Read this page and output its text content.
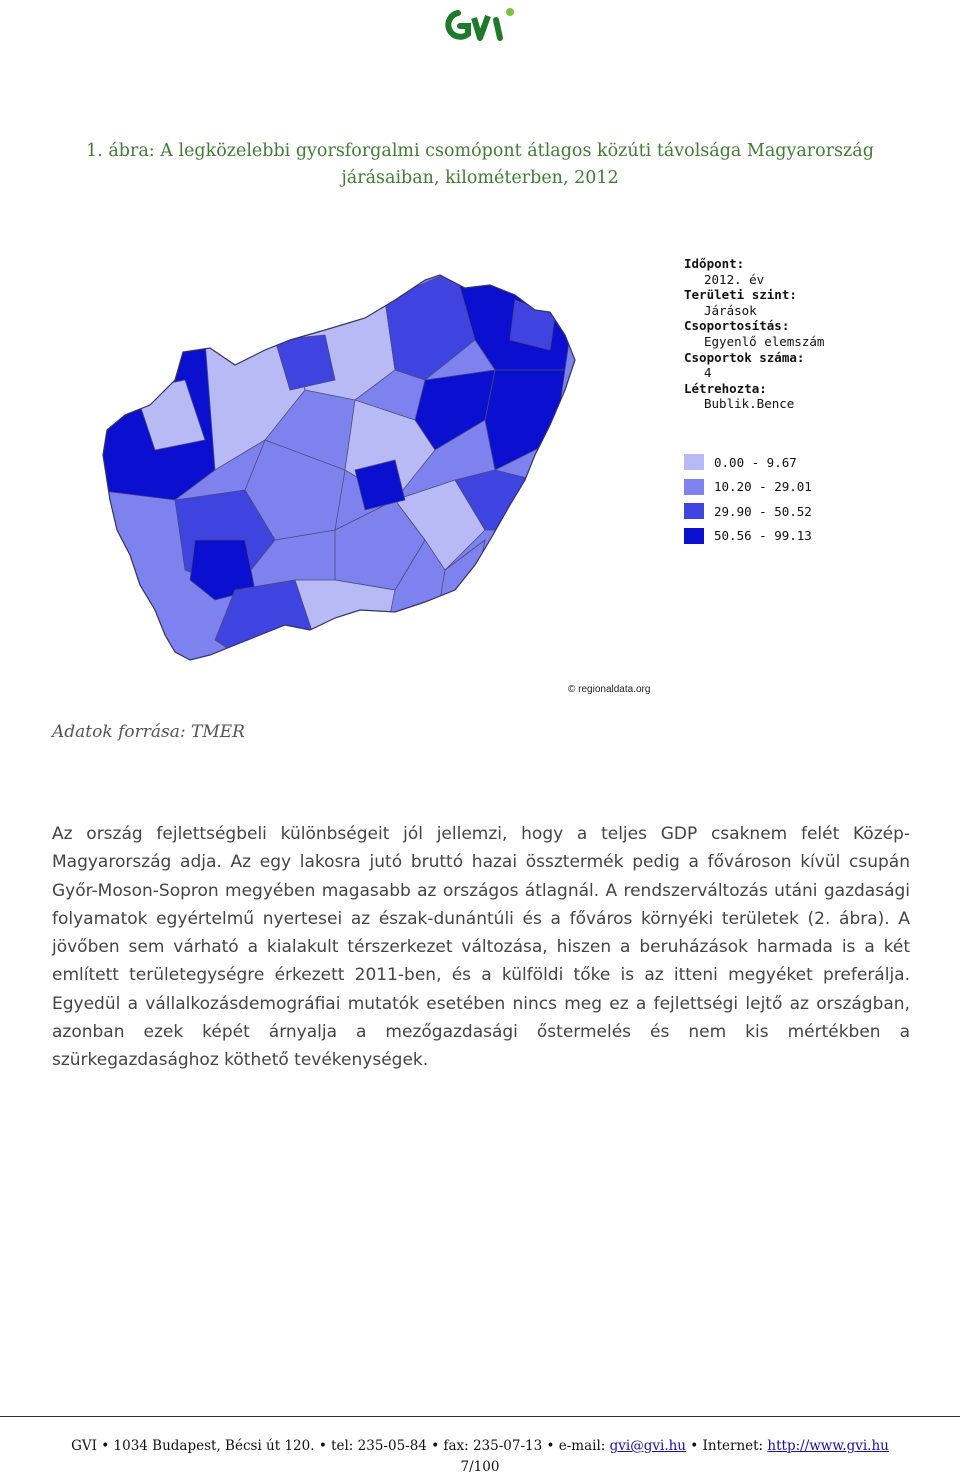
1. ábra: A legközelebbi gyorsforgalmi csomópont átlagos közúti távolsága Magyarország
járásaiban, kilométerben, 2012
Időpont:
2012. év
Területi szint:
Járások
Csoportosítás:
Egyenlő elemszám
Csoportok száma:
4
Létrehozta:
Bublik.Bence
0.00 - 9.67
10.20 - 29.01
29.90 - 50.52
50.56 - 99.13
© regionaldata.org
Adatok forrása: TMER
Az ország fejlettségbeli különbségeit jól jellemzi, hogy a teljes GDP csaknem felét Közép-Magyarország adja. Az egy lakosra jutó bruttó hazai össztermék pedig a fővároson kívül csupán Győr-Moson-Sopron megyében magasabb az országos átlagnál. A rendszerváltozás utáni gazdasági folyamatok egyértelmű nyertesei az észak-dunántúli és a főváros környéki területek (2. ábra). A jövőben sem várható a kialakult térszerkezet változása, hiszen a beruházások harmada is a két említett területegységre érkezett 2011-ben, és a külföldi tőke is az itteni megyéket preferálja. Egyedül a vállalkozásdemográfiai mutatók esetében nincs meg ez a fejlettségi lejtő az országban, azonban ezek képét árnyalja a mezőgazdasági őstermelés és nem kis mértékben a szürkegazdasághoz köthető tevékenységek.
GVI • 1034 Budapest, Bécsi út 120. • tel: 235-05-84 • fax: 235-07-13 • e-mail: gvi@gvi.hu • Internet: http://www.gvi.hu
7/100
